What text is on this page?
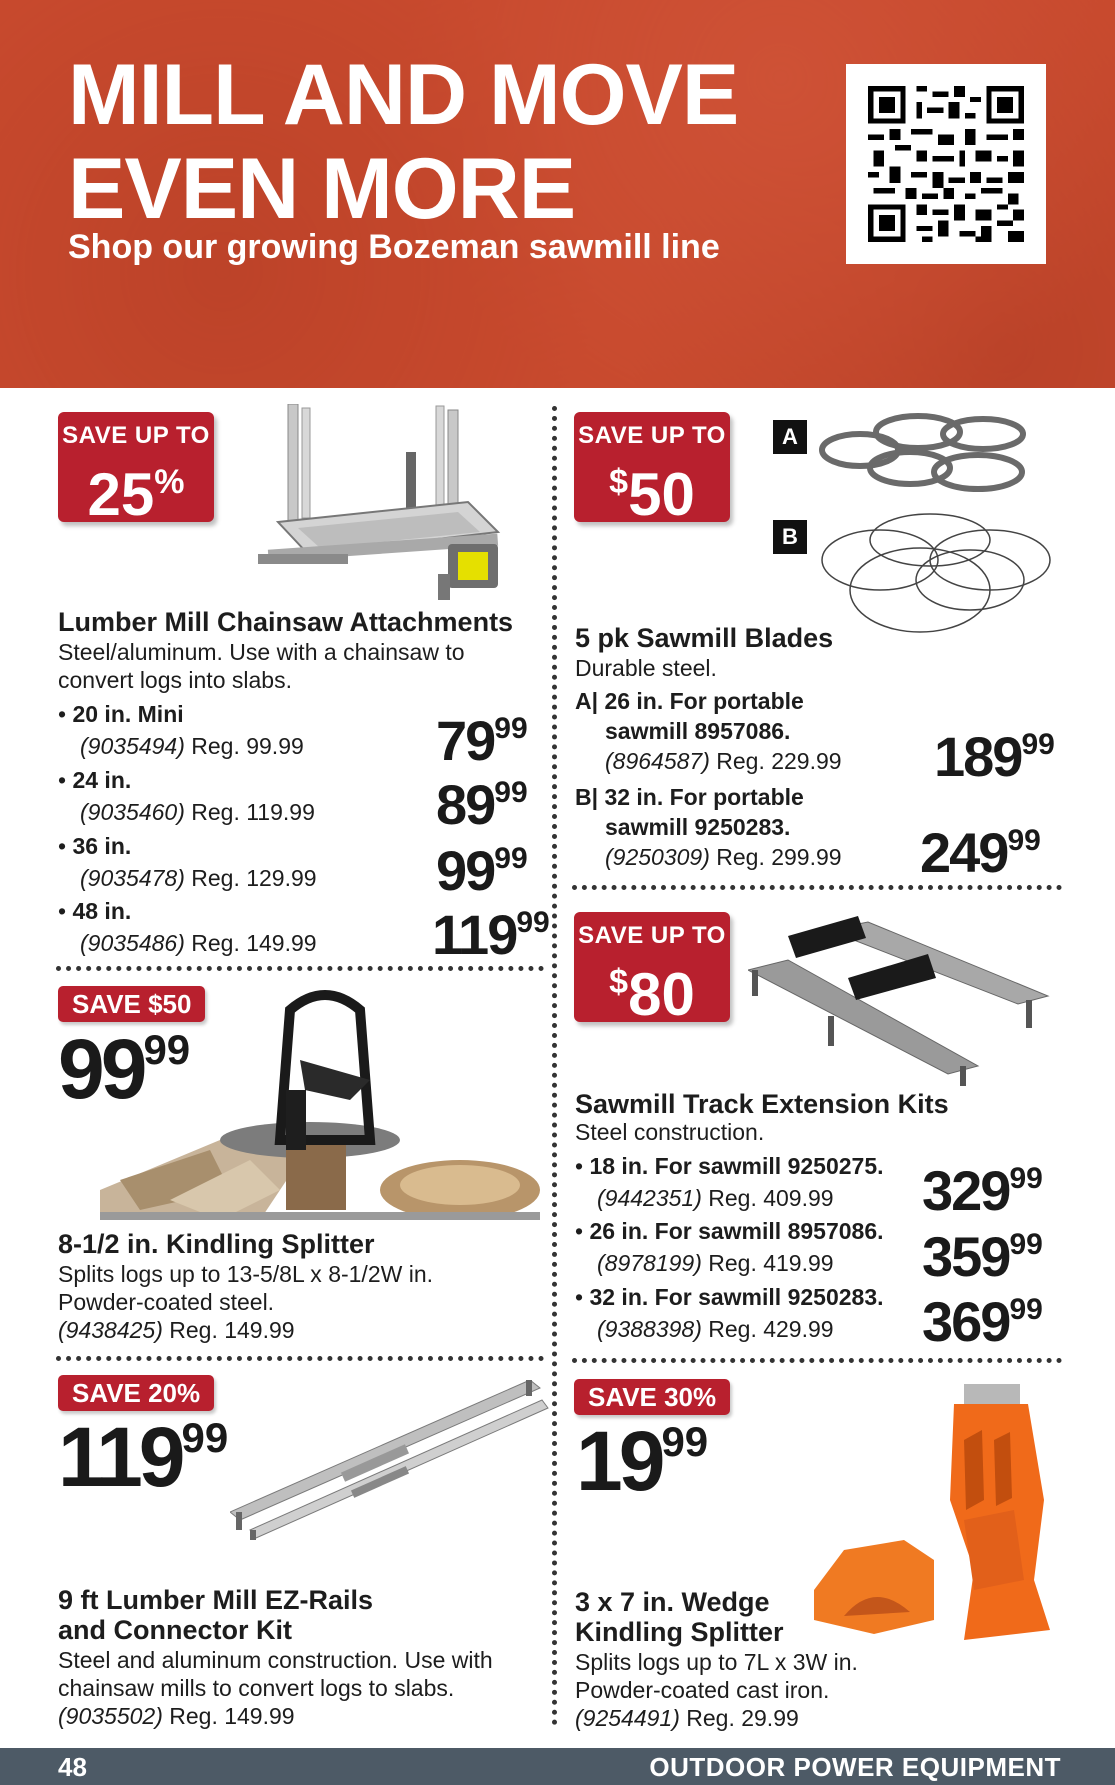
MILL AND MOVE
EVEN MORE
Shop our growing Bozeman sawmill line
SAVE UP TO
25%
Lumber Mill Chainsaw Attachments
Steel/aluminum. Use with a chainsaw to
convert logs into slabs.
• 20 in. Mini
(9035494) Reg. 99.99 7999
• 24 in.
(9035460) Reg. 119.99 8999
• 36 in.
(9035478) Reg. 129.99 9999
• 48 in.
(9035486) Reg. 149.99 11999
SAVE UP TO
$50
A
B
5 pk Sawmill Blades
Durable steel.
A| 26 in. For portable
sawmill 8957086.
(8964587) Reg. 229.99 18999
B| 32 in. For portable
sawmill 9250283.
(9250309) Reg. 299.99 24999
SAVE $50
9999
8-1/2 in. Kindling Splitter
Splits logs up to 13-5/8L x 8-1/2W in.
Powder-coated steel.
(9438425) Reg. 149.99
SAVE UP TO
$80
Sawmill Track Extension Kits
Steel construction.
• 18 in. For sawmill 9250275.
(9442351) Reg. 409.99	32999
• 26 in. For sawmill 8957086.
(8978199) Reg. 419.99	35999
• 32 in. For sawmill 9250283.
(9388398) Reg. 429.99	36999
SAVE 20%
11999
9 ft Lumber Mill EZ-Rails
and Connector Kit
Steel and aluminum construction. Use with
chainsaw mills to convert logs to slabs.
(9035502) Reg. 149.99
SAVE 30%
1999
3 x 7 in. Wedge
Kindling Splitter
Splits logs up to 7L x 3W in.
Powder-coated cast iron.
(9254491) Reg. 29.99
48	OUTDOOR POWER EQUIPMENT
